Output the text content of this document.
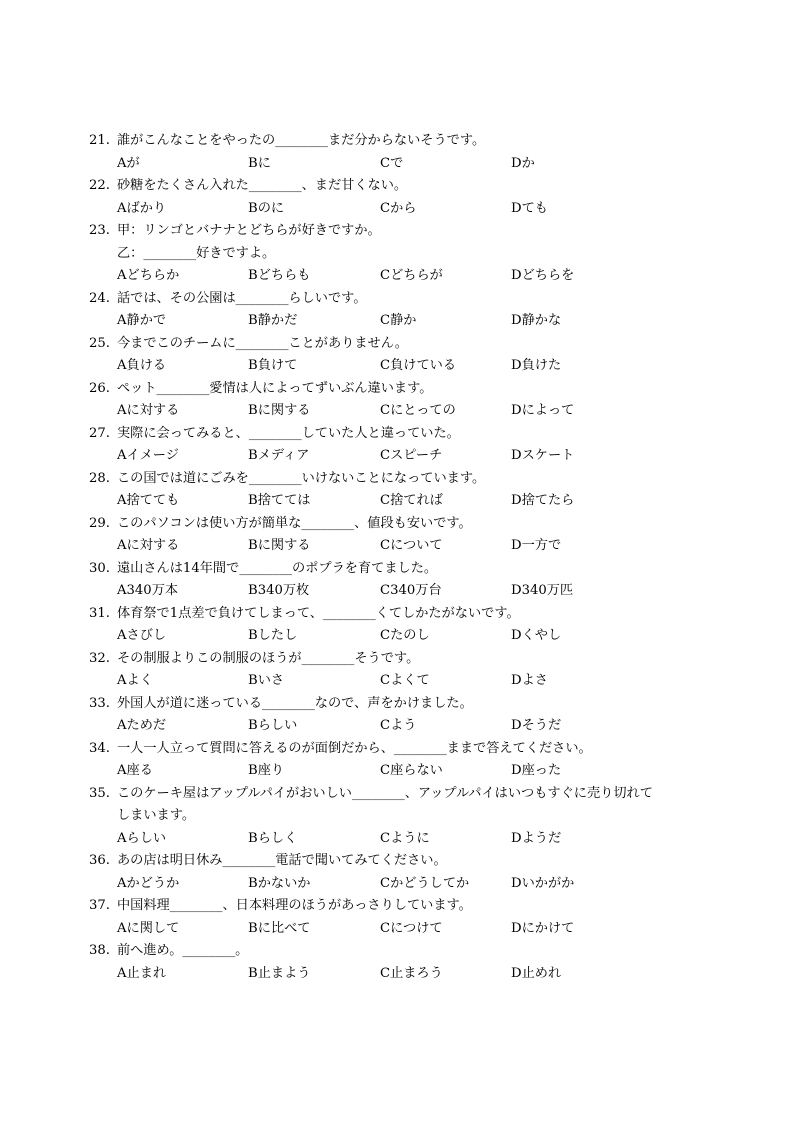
21. 誰がこんなことをやったの________まだ分からないそうです。
Aが	Bに	Cで	Dか
22. 砂糖をたくさん入れた________、まだ甘くない。
Aばかり	Bのに	Cから	Dても
23. 甲：リンゴとバナナとどちらが好きですか。
乙：________好きですよ。
Aどちらか	Bどちらも	Cどちらが	Dどちらを
24. 話では、その公園は________らしいです。
A静かで	B静かだ	C静か	D静かな
25. 今までこのチームに________ことがありません。
A負ける	B負けて	C負けている	D負けた
26. ペット________愛情は人によってずいぶん違います。
Aに対する	Bに関する	Cにとっての	Dによって
27. 実際に会ってみると、________していた人と違っていた。
Aイメージ	Bメディア	Cスピーチ	Dスケート
28. この国では道にごみを________いけないことになっています。
A捨てても	B捨てては	C捨てれば	D捨てたら
29. このパソコンは使い方が簡単な________、値段も安いです。
Aに対する	Bに関する	Cについて	D一方で
30. 遠山さんは14年間で________のポプラを育てました。
A340万本	B340万枚	C340万台	D340万匹
31. 体育祭で1点差で負けてしまって、________くてしかたがないです。
Aさびし	Bしたし	Cたのし	Dくやし
32. その制服よりこの制服のほうが________そうです。
Aよく	Bいさ	Cよくて	Dよさ
33. 外国人が道に迷っている________なので、声をかけました。
Aためだ	Bらしい	Cよう	Dそうだ
34. 一人一人立って質問に答えるのが面倒だから、________ままで答えてください。
A座る	B座り	C座らない	D座った
35. このケーキ屋はアップルパイがおいしい________、アップルパイはいつもすぐに売り切れて
しまいます。
Aらしい	Bらしく	Cように	Dようだ
36. あの店は明日休み________電話で聞いてみてください。
Aかどうか	Bかないか	Cかどうしてか	Dいかがか
37. 中国料理________、日本料理のほうがあっさりしています。
Aに関して	Bに比べて	Cにつけて	Dにかけて
38. 前へ進め。________。
A止まれ	B止まよう	C止まろう	D止めれ
